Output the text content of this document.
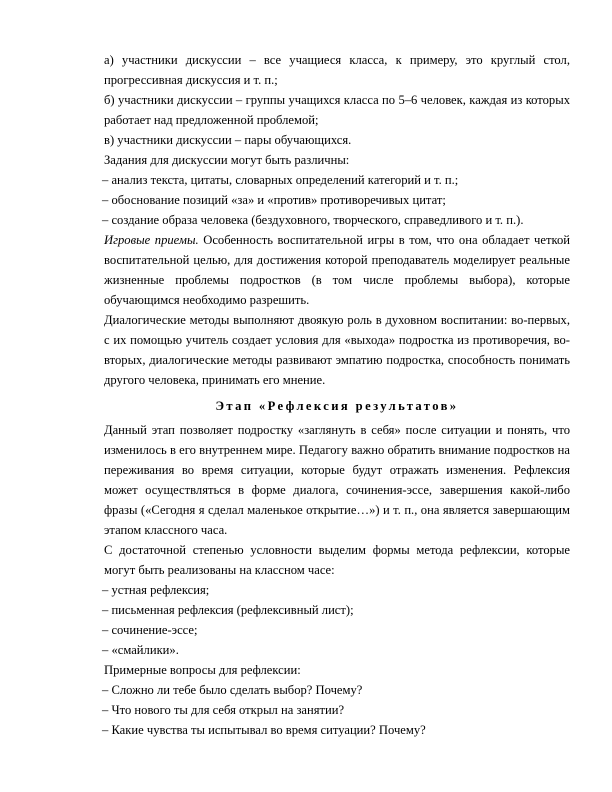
а) участники дискуссии – все учащиеся класса, к примеру, это круглый стол, прогрессивная дискуссия и т. п.;

б) участники дискуссии – группы учащихся класса по 5–6 человек, каждая из которых работает над предложенной проблемой;

в) участники дискуссии – пары обучающихся.

Задания для дискуссии могут быть различны:

– анализ текста, цитаты, словарных определений категорий и т. п.;

– обоснование позиций «за» и «против» противоречивых цитат;

– создание образа человека (бездуховного, творческого, справедливого и т. п.).

Игровые приемы. Особенность воспитательной игры в том, что она обладает четкой воспитательной целью, для достижения которой преподаватель моделирует реальные жизненные проблемы подростков (в том числе проблемы выбора), которые обучающимся необходимо разрешить.

Диалогические методы выполняют двоякую роль в духовном воспитании: во-первых, с их помощью учитель создает условия для «выхода» подростка из противоречия, во-вторых, диалогические методы развивают эмпатию подростка, способность понимать другого человека, принимать его мнение.

Этап «Рефлексия результатов»

Данный этап позволяет подростку «заглянуть в себя» после ситуации и понять, что изменилось в его внутреннем мире. Педагогу важно обратить внимание подростков на переживания во время ситуации, которые будут отражать изменения. Рефлексия может осуществляться в форме диалога, сочинения-эссе, завершения какой-либо фразы («Сегодня я сделал маленькое открытие…») и т. п., она является завершающим этапом классного часа.

С достаточной степенью условности выделим формы метода рефлексии, которые могут быть реализованы на классном часе:

– устная рефлексия;

– письменная рефлексия (рефлексивный лист);

– сочинение-эссе;

– «смайлики».

Примерные вопросы для рефлексии:

– Сложно ли тебе было сделать выбор? Почему?

– Что нового ты для себя открыл на занятии?

– Какие чувства ты испытывал во время ситуации? Почему?
